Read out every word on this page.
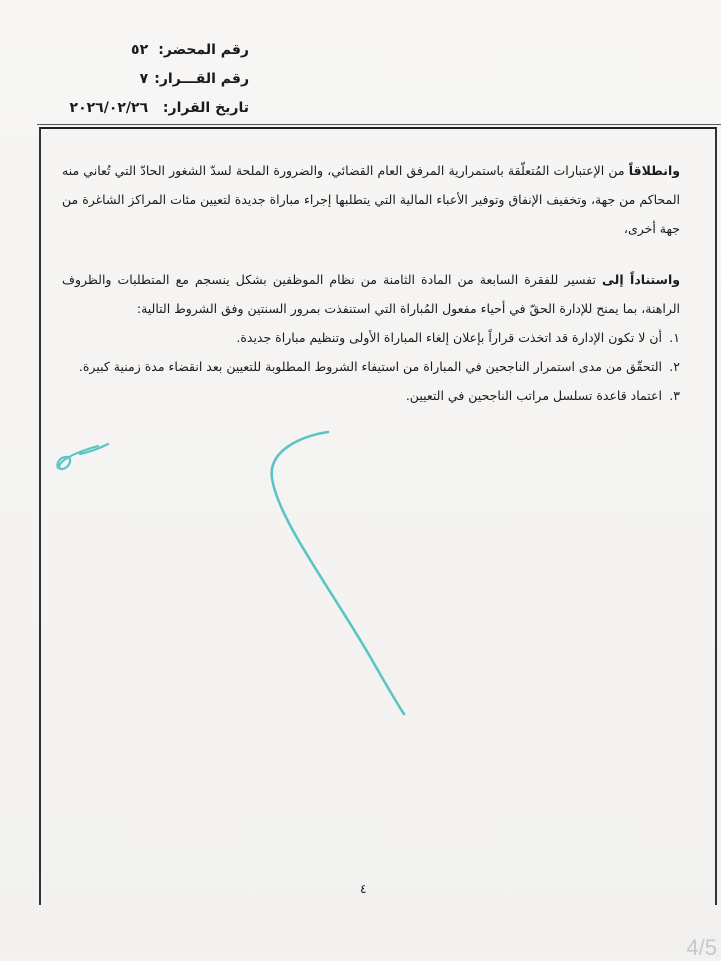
رقم المحضر: ٥٢
رقم القـــرار: ٧
تاريخ القرار: ٢٠٢٦/٠٢/٢٦

وانطلاقاً من الإعتبارات المُتعلّقة باستمرارية المرفق العام القضائي، والضرورة الملحة لسدّ الشغور الحادّ التي تُعاني منه المحاكم من جهة، وتخفيف الإنفاق وتوفير الأعباء المالية التي يتطلبها إجراء مباراة جديدة لتعيين مئات المراكز الشاغرة من جهة أخرى،

واستناداً إلى تفسير للفقرة السابعة من المادة الثامنة من نظام الموظفين بشكل ينسجم مع المتطلبات والظروف الراهنة، بما يمنح للإدارة الحقّ في أحياء مفعول المُباراة التي استنفذت بمرور السنتين وفق الشروط التالية:

١.
أن لا تكون الإدارة قد اتخذت قراراً بإعلان إلغاء المباراة الأولى وتنظيم مباراة جديدة.
٢.
التحقّق من مدى استمرار الناجحين في المباراة من استيفاء الشروط المطلوبة للتعيين بعد انقضاء مدة زمنية كبيرة.
٣.
اعتماد قاعدة تسلسل مراتب الناجحين في التعيين.
٤
4/5
